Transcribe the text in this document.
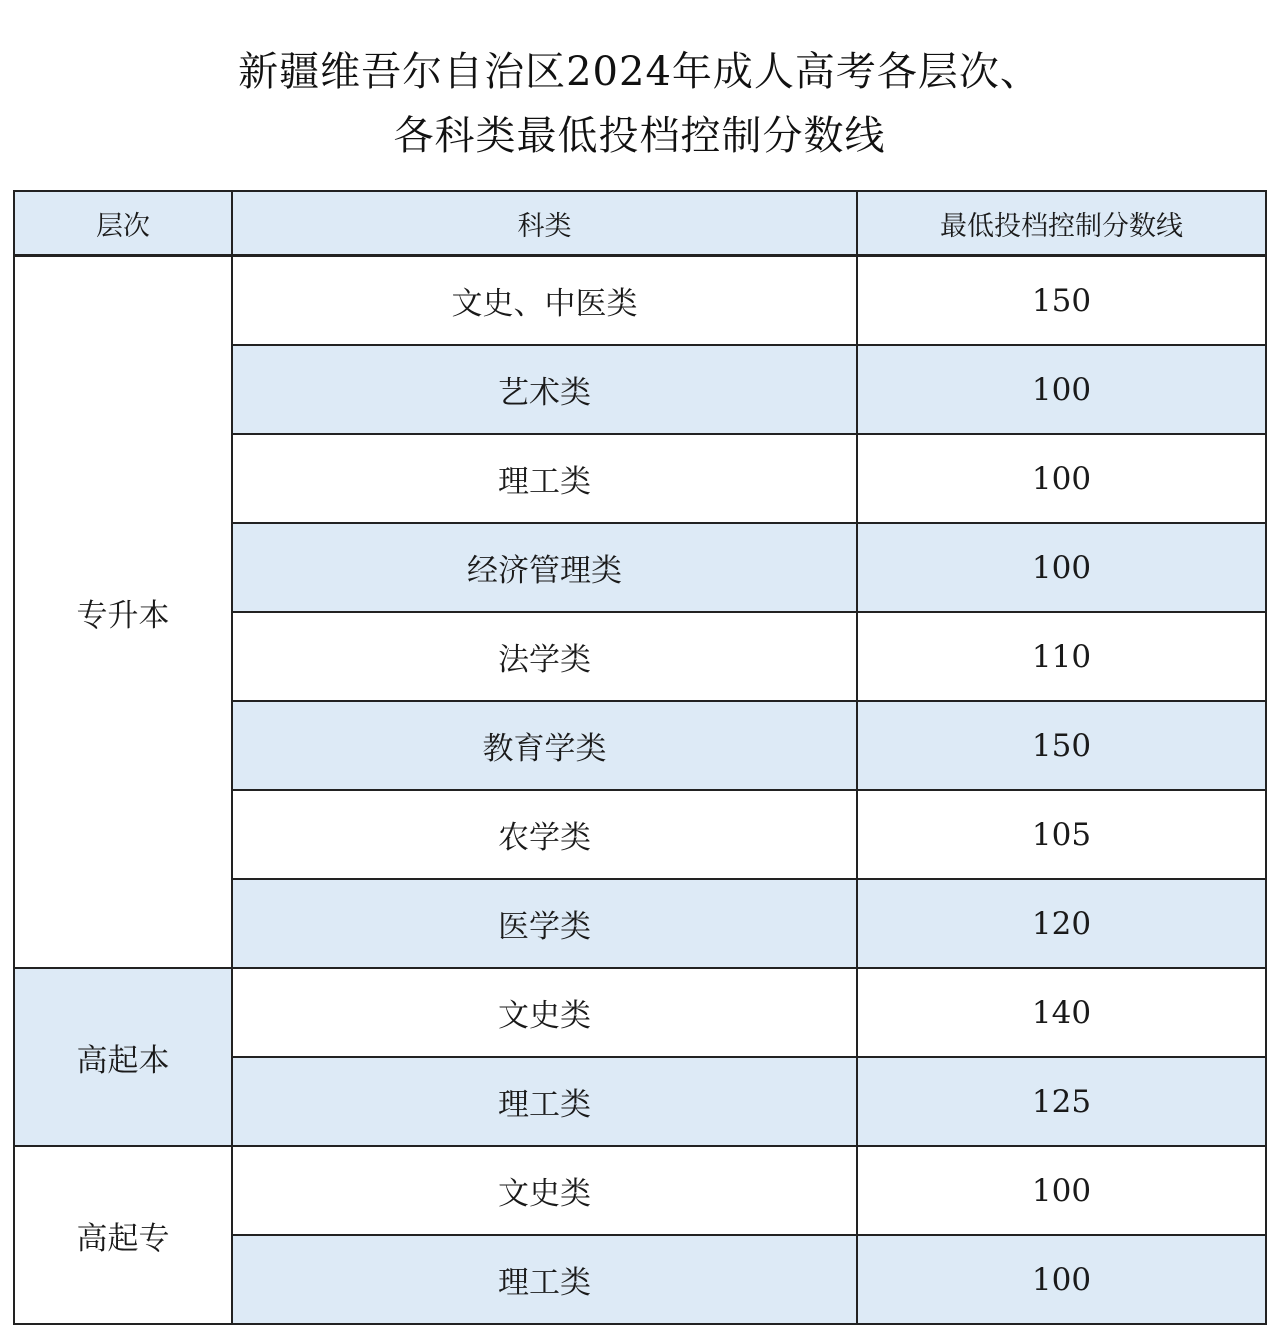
新疆维吾尔自治区2024年成人高考各层次、
各科类最低投档控制分数线
层次	科类	最低投档控制分数线
专升本	文史、中医类	150
	艺术类	100
	理工类	100
	经济管理类	100
	法学类	110
	教育学类	150
	农学类	105
	医学类	120
高起本	文史类	140
	理工类	125
高起专	文史类	100
	理工类	100
